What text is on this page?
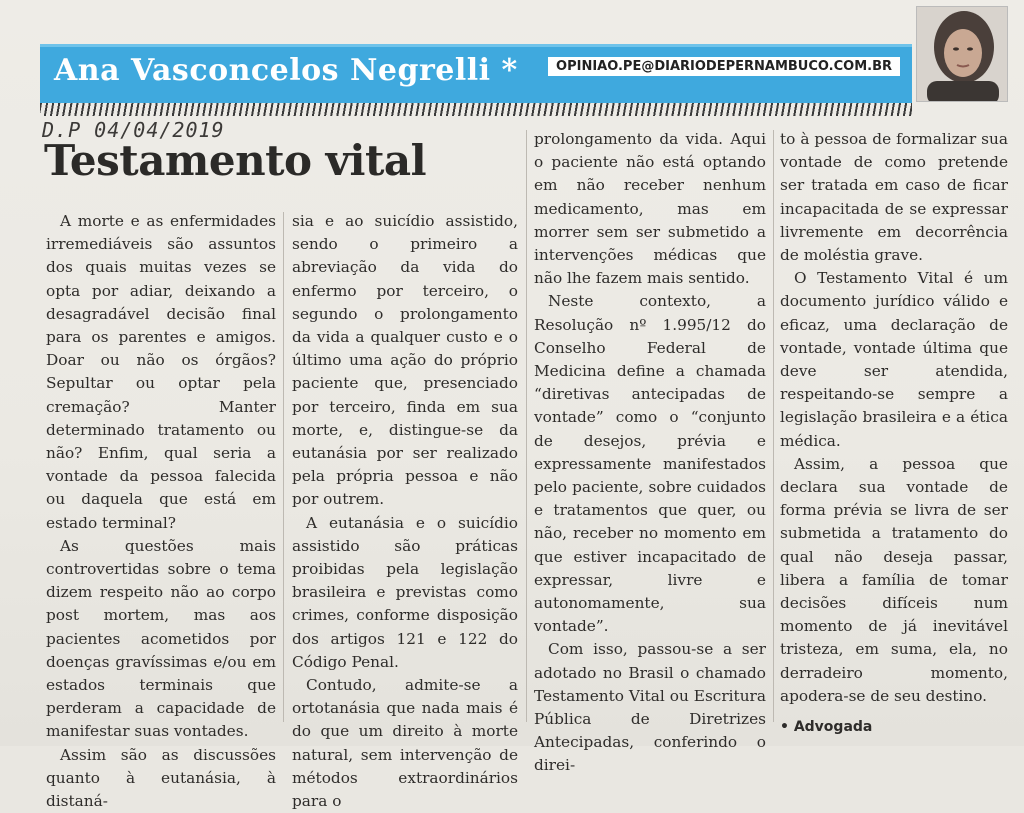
Ana Vasconcelos Negrelli *	OPINIAO.PE@DIARIODEPERNAMBUCO.COM.BR
D.P 04/04/2019
Testamento vital

A morte e as enfermidades irremediáveis são assuntos dos quais muitas vezes se opta por adiar, deixando a desagradável decisão final para os parentes e amigos. Doar ou não os órgãos? Sepultar ou optar pela cremação? Manter determinado tratamento ou não? Enfim, qual seria a vontade da pessoa falecida ou daquela que está em estado terminal?

As questões mais controvertidas sobre o tema dizem respeito não ao corpo post mortem, mas aos pacientes acometidos por doenças gravíssimas e/ou em estados terminais que perderam a capacidade de manifestar suas vontades.

Assim são as discussões quanto à eutanásia, à distaná-

sia e ao suicídio assistido, sendo o primeiro a abreviação da vida do enfermo por terceiro, o segundo o prolongamento da vida a qualquer custo e o último uma ação do próprio paciente que, presenciado por terceiro, finda em sua morte, e, distingue-se da eutanásia por ser realizado pela própria pessoa e não por outrem.

A eutanásia e o suicídio assistido são práticas proibidas pela legislação brasileira e previstas como crimes, conforme disposição dos artigos 121 e 122 do Código Penal.

Contudo, admite-se a ortotanásia que nada mais é do que um direito à morte natural, sem intervenção de métodos extraordinários para o

prolongamento da vida. Aqui o paciente não está optando em não receber nenhum medicamento, mas em morrer sem ser submetido a intervenções médicas que não lhe fazem mais sentido.

Neste contexto, a Resolução nº 1.995/12 do Conselho Federal de Medicina define a chamada “diretivas antecipadas de vontade” como o “conjunto de desejos, prévia e expressamente manifestados pelo paciente, sobre cuidados e tratamentos que quer, ou não, receber no momento em que estiver incapacitado de expressar, livre e autonomamente, sua vontade”.

Com isso, passou-se a ser adotado no Brasil o chamado Testamento Vital ou Escritura Pública de Diretrizes Antecipadas, conferindo o direi-

to à pessoa de formalizar sua vontade de como pretende ser tratada em caso de ficar incapacitada de se expressar livremente em decorrência de moléstia grave.

O Testamento Vital é um documento jurídico válido e eficaz, uma declaração de vontade, vontade última que deve ser atendida, respeitando-se sempre a legislação brasileira e a ética médica.

Assim, a pessoa que declara sua vontade de forma prévia se livra de ser submetida a tratamento do qual não deseja passar, libera a família de tomar decisões difíceis num momento de já inevitável tristeza, em suma, ela, no derradeiro momento, apodera-se de seu destino.

• Advogada
